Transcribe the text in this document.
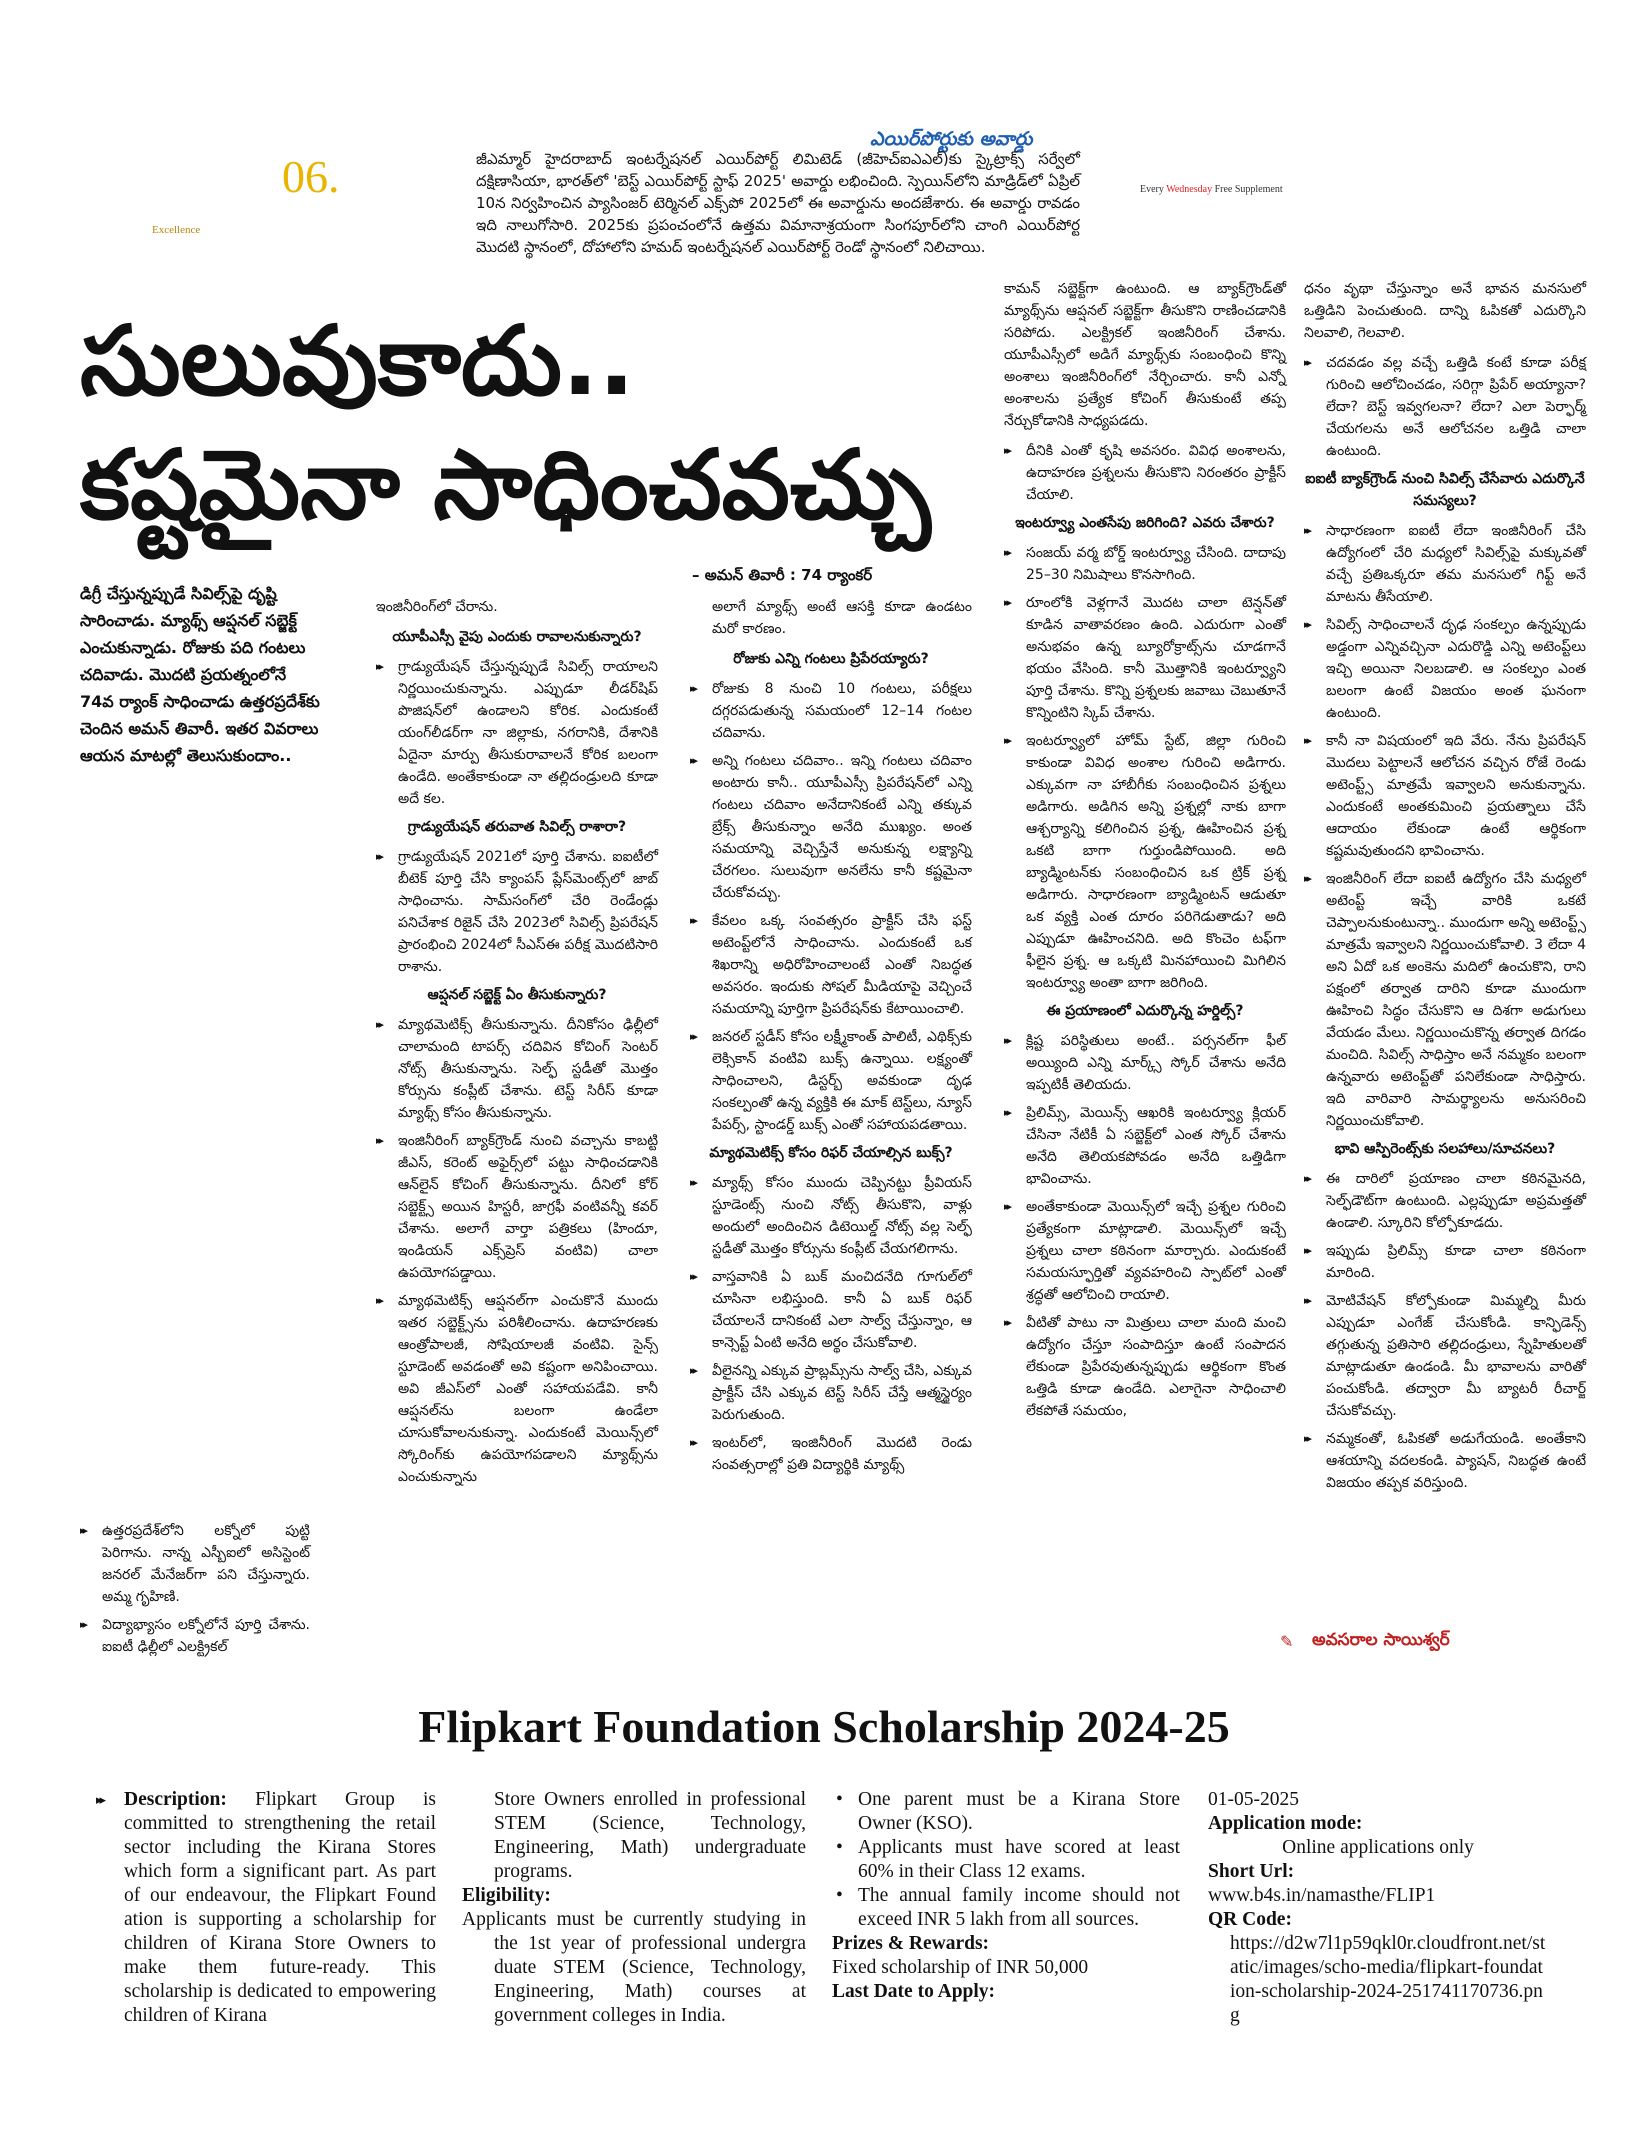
06.
Excellence
Every Wednesday Free Supplement
ఎయిర్‌పోర్టుకు అవార్డు
జీఎమ్మార్ హైదరాబాద్ ఇంటర్నేషనల్ ఎయిర్‌పోర్ట్ లిమిటెడ్ (జీహెచ్‌ఐఎఎల్)కు స్కైట్రాక్స్ సర్వేలో దక్షిణాసియా, భారత్‌లో 'బెస్ట్ ఎయిర్‌పోర్ట్ స్టాఫ్ 2025' అవార్డు లభించింది. స్పెయిన్‌లోని మాడ్రిడ్‌లో ఏప్రిల్ 10న నిర్వహించిన ప్యాసింజర్ టెర్మినల్ ఎక్స్‌పో 2025లో ఈ అవార్డును అందజేశారు. ఈ అవార్డు రావడం ఇది నాలుగోసారి. 2025కు ప్రపంచంలోనే ఉత్తమ విమానాశ్రయంగా సింగపూర్‌లోని చాంగి ఎయిర్‌పోర్ట మొదటి స్థానంలో, దోహాలోని హమద్ ఇంటర్నేషనల్ ఎయిర్‌పోర్ట్ రెండో స్థానంలో నిలిచాయి.
సులువుకాదు..
కష్టమైనా సాధించవచ్చు
– అమన్ తివారీ : 74 ర్యాంకర్
డిగ్రీ చేస్తున్నప్పుడే సివిల్స్‌పై దృష్టి సారించాడు. మ్యాథ్స్ ఆప్షనల్ సబ్జెక్ట్ ఎంచుకున్నాడు. రోజుకు పది గంటలు చదివాడు. మొదటి ప్రయత్నంలోనే 74వ ర్యాంక్ సాధించాడు ఉత్తరప్రదేశ్‌కు చెందిన అమన్ తివారీ. ఇతర వివరాలు ఆయన మాటల్లో తెలుసుకుందాం..

▸▸ ఉత్తరప్రదేశ్‌లోని లక్నోలో పుట్టి పెరిగాను. నాన్న ఎస్బీఐలో అసిస్టెంట్ జనరల్ మేనేజర్‌గా పని చేస్తున్నారు. అమ్మ గృహిణి.

▸▸ విద్యాభ్యాసం లక్నోలోనే పూర్తి చేశాను. ఐఐటీ ఢిల్లీలో ఎలక్ట్రికల్

ఇంజినీరింగ్‌లో చేరాను.

యూపీఎస్సీ వైపు ఎందుకు రావాలనుకున్నారు?

▸▸ గ్రాడ్యుయేషన్ చేస్తున్నప్పుడే సివిల్స్ రాయాలని నిర్ణయించుకున్నాను. ఎప్పుడూ లీడర్‌షిప్ పొజిషన్‌లో ఉండాలని కోరిక. ఎందుకంటే యంగ్‌లీడర్‌గా నా జిల్లాకు, నగరానికి, దేశానికి ఏదైనా మార్పు తీసుకురావాలనే కోరిక బలంగా ఉండేది. అంతేకాకుండా నా తల్లిదండ్రులది కూడా అదే కల.

గ్రాడ్యుయేషన్ తరువాత సివిల్స్ రాశారా?

▸▸ గ్రాడ్యుయేషన్ 2021లో పూర్తి చేశాను. ఐఐటీలో బీటెక్ పూర్తి చేసి క్యాంపస్ ప్లేస్‌మెంట్స్‌లో జాబ్ సాధించాను. సామ్‌సంగ్‌లో చేరి రెండేండ్లు పనిచేశాక రిజైన్ చేసి 2023లో సివిల్స్ ప్రిపరేషన్ ప్రారంభించి 2024లో సీఎస్ఈ పరీక్ష మొదటిసారి రాశాను.

ఆప్షనల్ సబ్జెక్ట్ ఏం తీసుకున్నారు?

▸▸ మ్యాథమెటిక్స్ తీసుకున్నాను. దీనికోసం ఢిల్లీలో చాలామంది టాపర్స్ చదివిన కోచింగ్ సెంటర్ నోట్స్ తీసుకున్నాను. సెల్ఫ్ స్టడీతో మొత్తం కోర్సును కంప్లీట్ చేశాను. టెస్ట్ సిరీస్ కూడా మ్యాథ్స్ కోసం తీసుకున్నాను.

▸▸ ఇంజినీరింగ్ బ్యాక్‌గ్రౌండ్ నుంచి వచ్చాను కాబట్టి జీఎస్, కరెంట్ అఫైర్స్‌లో పట్టు సాధించడానికి ఆన్‌లైన్ కోచింగ్ తీసుకున్నాను. దీనిలో కోర్ సబ్జెక్ట్స్ అయిన హిస్టరీ, జాగ్రఫీ వంటివన్నీ కవర్ చేశాను. అలాగే వార్తా పత్రికలు (హిందూ, ఇండియన్ ఎక్స్‌ప్రెస్ వంటివి) చాలా ఉపయోగపడ్డాయి.

▸▸ మ్యాథమెటిక్స్ ఆప్షనల్‌గా ఎంచుకొనే ముందు ఇతర సబ్జెక్ట్స్‌ను పరిశీలించాను. ఉదాహరణకు ఆంత్రోపాలజీ, సోషియాలజీ వంటివి. సైన్స్ స్టూడెంట్ అవడంతో అవి కష్టంగా అనిపించాయి. అవి జీఎస్‌లో ఎంతో సహాయపడేవి. కానీ ఆప్షనల్‌ను బలంగా ఉండేలా చూసుకోవాలనుకున్నా. ఎందుకంటే మెయిన్స్‌లో స్కోరింగ్‌కు ఉపయోగపడాలని మ్యాథ్స్‌ను ఎంచుకున్నాను

అలాగే మ్యాథ్స్ అంటే ఆసక్తి కూడా ఉండటం మరో కారణం.

రోజుకు ఎన్ని గంటలు ప్రిపేరయ్యారు?

▸▸ రోజుకు 8 నుంచి 10 గంటలు, పరీక్షలు దగ్గరపడుతున్న సమయంలో 12–14 గంటల చదివాను.

▸▸ అన్ని గంటలు చదివాం.. ఇన్ని గంటలు చదివాం అంటారు కానీ.. యూపీఎస్సీ ప్రిపరేషన్‌లో ఎన్ని గంటలు చదివాం అనేదానికంటే ఎన్ని తక్కువ బ్రేక్స్ తీసుకున్నాం అనేది ముఖ్యం. అంత సమయాన్ని వెచ్చిస్తేనే అనుకున్న లక్ష్యాన్ని చేరగలం. సులువుగా అనలేను కానీ కష్టమైనా చేరుకోవచ్చు.

▸▸ కేవలం ఒక్క సంవత్సరం ప్రాక్టీస్ చేసి ఫస్ట్ అటెంప్ట్‌లోనే సాధించాను. ఎందుకంటే ఒక శిఖరాన్ని అధిరోహించాలంటే ఎంతో నిబద్ధత అవసరం. ఇందుకు సోషల్ మీడియాపై వెచ్చించే సమయాన్ని పూర్తిగా ప్రిపరేషన్‌కు కేటాయించాలి.

▸▸ జనరల్ స్టడీస్ కోసం లక్ష్మీకాంత్ పాలిటీ, ఎథిక్స్‌కు లెక్సికాన్ వంటివి బుక్స్ ఉన్నాయి. లక్ష్యంతో సాధించాలని, డిస్టర్బ్ అవకుండా దృఢ సంకల్పంతో ఉన్న వ్యక్తికి ఈ మాక్ టెస్ట్‌లు, న్యూస్ పేపర్స్, స్టాండర్డ్ బుక్స్ ఎంతో సహాయపడతాయి.

మ్యాథమెటిక్స్ కోసం రిఫర్ చేయాల్సిన బుక్స్?

▸▸ మ్యాథ్స్ కోసం ముందు చెప్పినట్టు ప్రీవియస్ స్టూడెంట్స్ నుంచి నోట్స్ తీసుకొని, వాళ్లు అందులో అందించిన డిటెయిల్డ్ నోట్స్ వల్ల సెల్ఫ్ స్టడీతో మొత్తం కోర్సును కంప్లీట్ చేయగలిగాను.

▸▸ వాస్తవానికి ఏ బుక్ మంచిదనేది గూగుల్‌లో చూసినా లభిస్తుంది. కానీ ఏ బుక్ రిఫర్ చేయాలనే దానికంటే ఎలా సాల్వ్ చేస్తున్నాం, ఆ కాన్సెప్ట్ ఏంటి అనేది అర్థం చేసుకోవాలి.

▸▸ వీలైనన్ని ఎక్కువ ప్రాబ్లమ్స్‌ను సాల్వ్ చేసి, ఎక్కువ ప్రాక్టీస్ చేసి ఎక్కువ టెస్ట్ సిరీస్ చేస్తే ఆత్మస్థైర్యం పెరుగుతుంది.

▸▸ ఇంటర్‌లో, ఇంజినీరింగ్ మొదటి రెండు సంవత్సరాల్లో ప్రతి విద్యార్థికి మ్యాథ్స్

కామన్ సబ్జెక్ట్‌గా ఉంటుంది. ఆ బ్యాక్‌గ్రౌండ్‌తో మ్యాథ్స్‌ను ఆప్షనల్ సబ్జెక్ట్‌గా తీసుకొని రాణించడానికి సరిపోదు. ఎలక్ట్రికల్ ఇంజినీరింగ్ చేశాను. యూపీఎస్సీలో అడిగే మ్యాథ్స్‌కు సంబంధించి కొన్ని అంశాలు ఇంజినీరింగ్‌లో నేర్చించారు. కానీ ఎన్నో అంశాలను ప్రత్యేక కోచింగ్ తీసుకుంటే తప్ప నేర్చుకోడానికి సాధ్యపడదు.

▸▸ దీనికి ఎంతో కృషి అవసరం. వివిధ అంశాలను, ఉదాహరణ ప్రశ్నలను తీసుకొని నిరంతరం ప్రాక్టీస్ చేయాలి.

ఇంటర్వ్యూ ఎంతసేపు జరిగింది? ఎవరు చేశారు?

▸▸ సంజయ్ వర్మ బోర్డ్ ఇంటర్వ్యూ చేసింది. దాదాపు 25–30 నిమిషాలు కొనసాగింది.

▸▸ రూంలోకి వెళ్లగానే మొదట చాలా టెన్షన్‌తో కూడిన వాతావరణం ఉంది. ఎదురుగా ఎంతో అనుభవం ఉన్న బ్యూరోక్రాట్స్‌ను చూడగానే భయం వేసింది. కానీ మొత్తానికి ఇంటర్వ్యూని పూర్తి చేశాను. కొన్ని ప్రశ్నలకు జవాబు చెబుతూనే కొన్నింటిని స్కిప్ చేశాను.

▸▸ ఇంటర్వ్యూలో హోమ్ స్టేట్, జిల్లా గురించి కాకుండా వివిధ అంశాల గురించి అడిగారు. ఎక్కువగా నా హాబీగీకు సంబంధించిన ప్రశ్నలు అడిగారు. అడిగిన అన్ని ప్రశ్నల్లో నాకు బాగా ఆశ్చర్యాన్ని కలిగించిన ప్రశ్న, ఊహించిన ప్రశ్న ఒకటి బాగా గుర్తుండిపోయింది. అది బ్యాడ్మింటన్‌కు సంబంధించిన ఒక ట్రిక్ ప్రశ్న అడిగారు. సాధారణంగా బ్యాడ్మింటన్ ఆడుతూ ఒక వ్యక్తి ఎంత దూరం పరిగెడుతాడు? అది ఎప్పుడూ ఊహించనిది. అది కొంచెం టఫ్‌గా ఫీలైన ప్రశ్న. ఆ ఒక్కటి మినహాయించి మిగిలిన ఇంటర్వ్యూ అంతా బాగా జరిగింది.

ఈ ప్రయాణంలో ఎదుర్కొన్న హర్డిల్స్?

▸▸ క్లిష్ట పరిస్థితులు అంటే.. పర్సనల్‌గా ఫీల్ అయ్యింది ఎన్ని మార్క్స్ స్కోర్ చేశాను అనేది ఇప్పటికీ తెలియదు.

▸▸ ప్రిలిమ్స్, మెయిన్స్ ఆఖరికి ఇంటర్వ్యూ క్లియర్ చేసినా నేటికీ ఏ సబ్జెక్ట్‌లో ఎంత స్కోర్ చేశాను అనేది తెలియకపోవడం అనేది ఒత్తిడిగా భావించాను.

▸▸ అంతేకాకుండా మెయిన్స్‌లో ఇచ్చే ప్రశ్నల గురించి ప్రత్యేకంగా మాట్లాడాలి. మెయిన్స్‌లో ఇచ్చే ప్రశ్నలు చాలా కఠినంగా మార్చారు. ఎందుకంటే సమయస్ఫూర్తితో వ్యవహరించి స్పాట్‌లో ఎంతో శ్రద్ధతో ఆలోచించి రాయాలి.

▸▸ వీటితో పాటు నా మిత్రులు చాలా మంది మంచి ఉద్యోగం చేస్తూ సంపాదిస్తూ ఉంటే సంపాదన లేకుండా ప్రిపేరవుతున్నప్పుడు ఆర్థికంగా కొంత ఒత్తిడి కూడా ఉండేది. ఎలాగైనా సాధించాలి లేకపోతే సమయం,

ధనం వృథా చేస్తున్నాం అనే భావన మనసులో ఒత్తిడిని పెంచుతుంది. దాన్ని ఓపికతో ఎదుర్కొని నిలవాలి, గెలవాలి.

▸▸ చదవడం వల్ల వచ్చే ఒత్తిడి కంటే కూడా పరీక్ష గురించి ఆలోచించడం, సరిగ్గా ప్రిపేర్ అయ్యానా? లేదా? బెస్ట్ ఇవ్వగలనా? లేదా? ఎలా పెర్ఫార్మ్ చేయగలను అనే ఆలోచనల ఒత్తిడి చాలా ఉంటుంది.

ఐఐటీ బ్యాక్‌గ్రౌండ్ నుంచి సివిల్స్ చేసేవారు ఎదుర్కొనే సమస్యలు?

▸▸ సాధారణంగా ఐఐటీ లేదా ఇంజినీరింగ్ చేసి ఉద్యోగంలో చేరి మధ్యలో సివిల్స్‌పై మక్కువతో వచ్చే ప్రతిఒక్కరూ తమ మనసులో గిఫ్ట్ అనే మాటను తీసేయాలి.

▸▸ సివిల్స్ సాధించాలనే దృఢ సంకల్పం ఉన్నప్పుడు అడ్డంగా ఎన్నివచ్చినా ఎదురొడ్డి ఎన్ని అటెంప్ట్‌లు ఇచ్చి అయినా నిలబడాలి. ఆ సంకల్పం ఎంత బలంగా ఉంటే విజయం అంత ఘనంగా ఉంటుంది.

▸▸ కానీ నా విషయంలో ఇది వేరు. నేను ప్రిపరేషన్ మొదలు పెట్టాలనే ఆలోచన వచ్చిన రోజే రెండు అటెంప్ట్స్ మాత్రమే ఇవ్వాలని అనుకున్నాను. ఎందుకంటే అంతకుమించి ప్రయత్నాలు చేసే ఆదాయం లేకుండా ఉంటే ఆర్థికంగా కష్టమవుతుందని భావించాను.

▸▸ ఇంజినీరింగ్ లేదా ఐఐటీ ఉద్యోగం చేసి మధ్యలో అటెంప్ట్ ఇచ్చే వారికి ఒకటే చెప్పాలనుకుంటున్నా.. ముందుగా అన్ని అటెంప్ట్స్ మాత్రమే ఇవ్వాలని నిర్ణయించుకోవాలి. 3 లేదా 4 అని ఏదో ఒక అంకెను మదిలో ఉంచుకొని, రాని పక్షంలో తర్వాత దారిని కూడా ముందుగా ఊహించి సిద్ధం చేసుకొని ఆ దిశగా అడుగులు వేయడం మేలు. నిర్ణయించుకొన్న తర్వాత దిగడం మంచిది. సివిల్స్ సాధిస్తాం అనే నమ్మకం బలంగా ఉన్నవారు అటెంప్ట్‌తో పనిలేకుండా సాధిస్తారు. ఇది వారివారి సామర్థ్యాలను అనుసరించి నిర్ణయించుకోవాలి.

భావి ఆస్పిరెంట్స్‌కు సలహాలు/సూచనలు?

▸▸ ఈ దారిలో ప్రయాణం చాలా కఠినమైనది, సెల్ఫ్‌డౌట్‌గా ఉంటుంది. ఎల్లప్పుడూ అప్రమత్తతో ఉండాలి. స్కూరిని కోల్పోకూడదు.

▸▸ ఇప్పుడు ప్రిలిమ్స్ కూడా చాలా కఠినంగా మారింది.

▸▸ మోటివేషన్ కోల్పోకుండా మిమ్మల్ని మీరు ఎప్పుడూ ఎంగేజ్ చేసుకోండి. కాన్ఫిడెన్స్ తగ్గుతున్న ప్రతిసారి తల్లిదండ్రులు, స్నేహితులతో మాట్లాడుతూ ఉండండి. మీ భావాలను వారితో పంచుకోండి. తద్వారా మీ బ్యాటరీ రీచార్జ్ చేసుకోవచ్చు.

▸▸ నమ్మకంతో, ఓపికతో అడుగేయండి. అంతేకాని ఆశయాన్ని వదలకండి. ప్యాషన్, నిబద్ధత ఉంటే విజయం తప్పక వరిస్తుంది.

✎	అవసరాల సాయిశ్వర్
Flipkart Foundation Scholarship 2024-25
▸▸ Description: Flipkart Group is committed to strengthening the retail sector including the Kirana Stores which form a significant part. As part of our endeavour, the Flipkart Found ation is supporting a scholarship for children of Kirana Store Owners to make them future-ready. This scholarship is dedicated to empowering children of Kirana
Store Owners enrolled in professional STEM (Science, Technology, Engineering, Math) undergraduate programs.
Eligibility:
Applicants must be currently studying in the 1st year of professional undergra duate STEM (Science, Technology, Engineering, Math) courses at government colleges in India.
• One parent must be a Kirana Store Owner (KSO).
• Applicants must have scored at least 60% in their Class 12 exams.
• The annual family income should not exceed INR 5 lakh from all sources.
Prizes & Rewards:
Fixed scholarship of INR 50,000
Last Date to Apply:
01-05-2025
Application mode:
Online applications only
Short Url:
www.b4s.in/namasthe/FLIP1
QR Code:
https://d2w7l1p59qkl0r.cloudfront.net/static/images/scho-media/flipkart-foundation-scholarship-2024-251741170736.png
